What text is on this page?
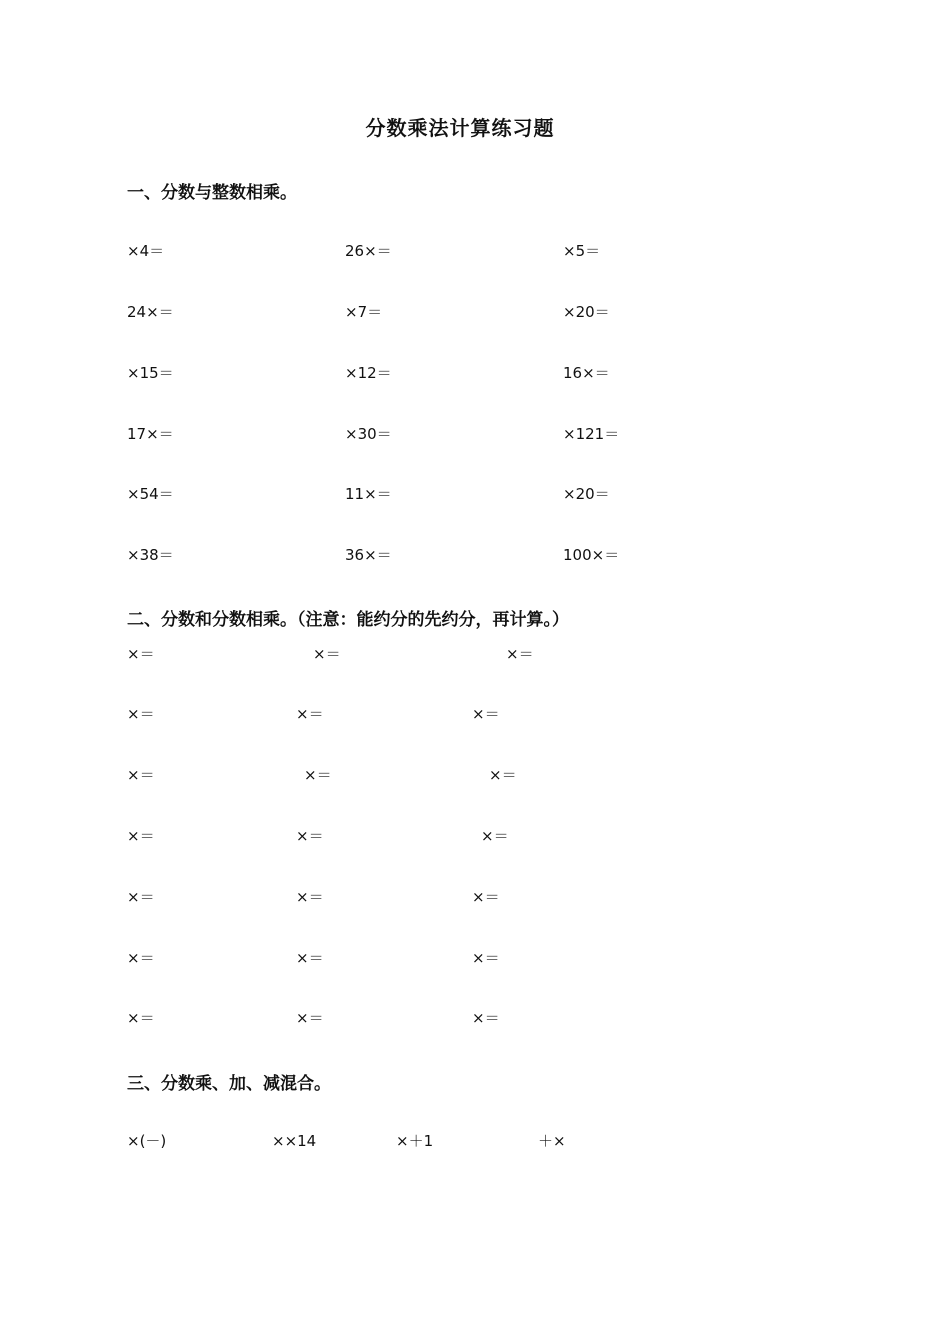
分数乘法计算练习题
一、分数与整数相乘。
×4＝	26×＝	×5＝
24×＝	×7＝	×20＝
×15＝	×12＝	16×＝
17×＝	×30＝	×121＝
×54＝	11×＝	×20＝
×38＝	36×＝	100×＝
二、分数和分数相乘。（注意：能约分的先约分，再计算。）
×＝	×＝	×＝
×＝	×＝	×＝
×＝	×＝	×＝
×＝	×＝	×＝
×＝	×＝	×＝
×＝	×＝	×＝
×＝	×＝	×＝
三、分数乘、加、减混合。
×(－)	××14	×＋1	＋×
